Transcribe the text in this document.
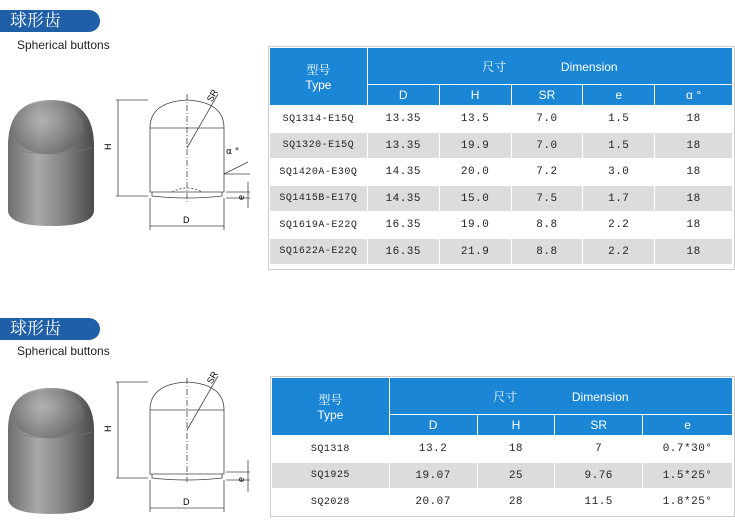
球形齿
Spherical buttons
SR
H
α °
e
D
型号
Type	尺寸 Dimension				
	D	H	SR	e	α °
SQ1314-E15Q	13.35	13.5	7.0	1.5	18
SQ1320-E15Q	13.35	19.9	7.0	1.5	18
SQ1420A-E30Q	14.35	20.0	7.2	3.0	18
SQ1415B-E17Q	14.35	15.0	7.5	1.7	18
SQ1619A-E22Q	16.35	19.0	8.8	2.2	18
SQ1622A-E22Q	16.35	21.9	8.8	2.2	18
球形齿
Spherical buttons
SR
H
e
D
型号
Type	尺寸 Dimension			
	D	H	SR	e
SQ1318	13.2	18	7	0.7*30°
SQ1925	19.07	25	9.76	1.5*25°
SQ2028	20.07	28	11.5	1.8*25°
